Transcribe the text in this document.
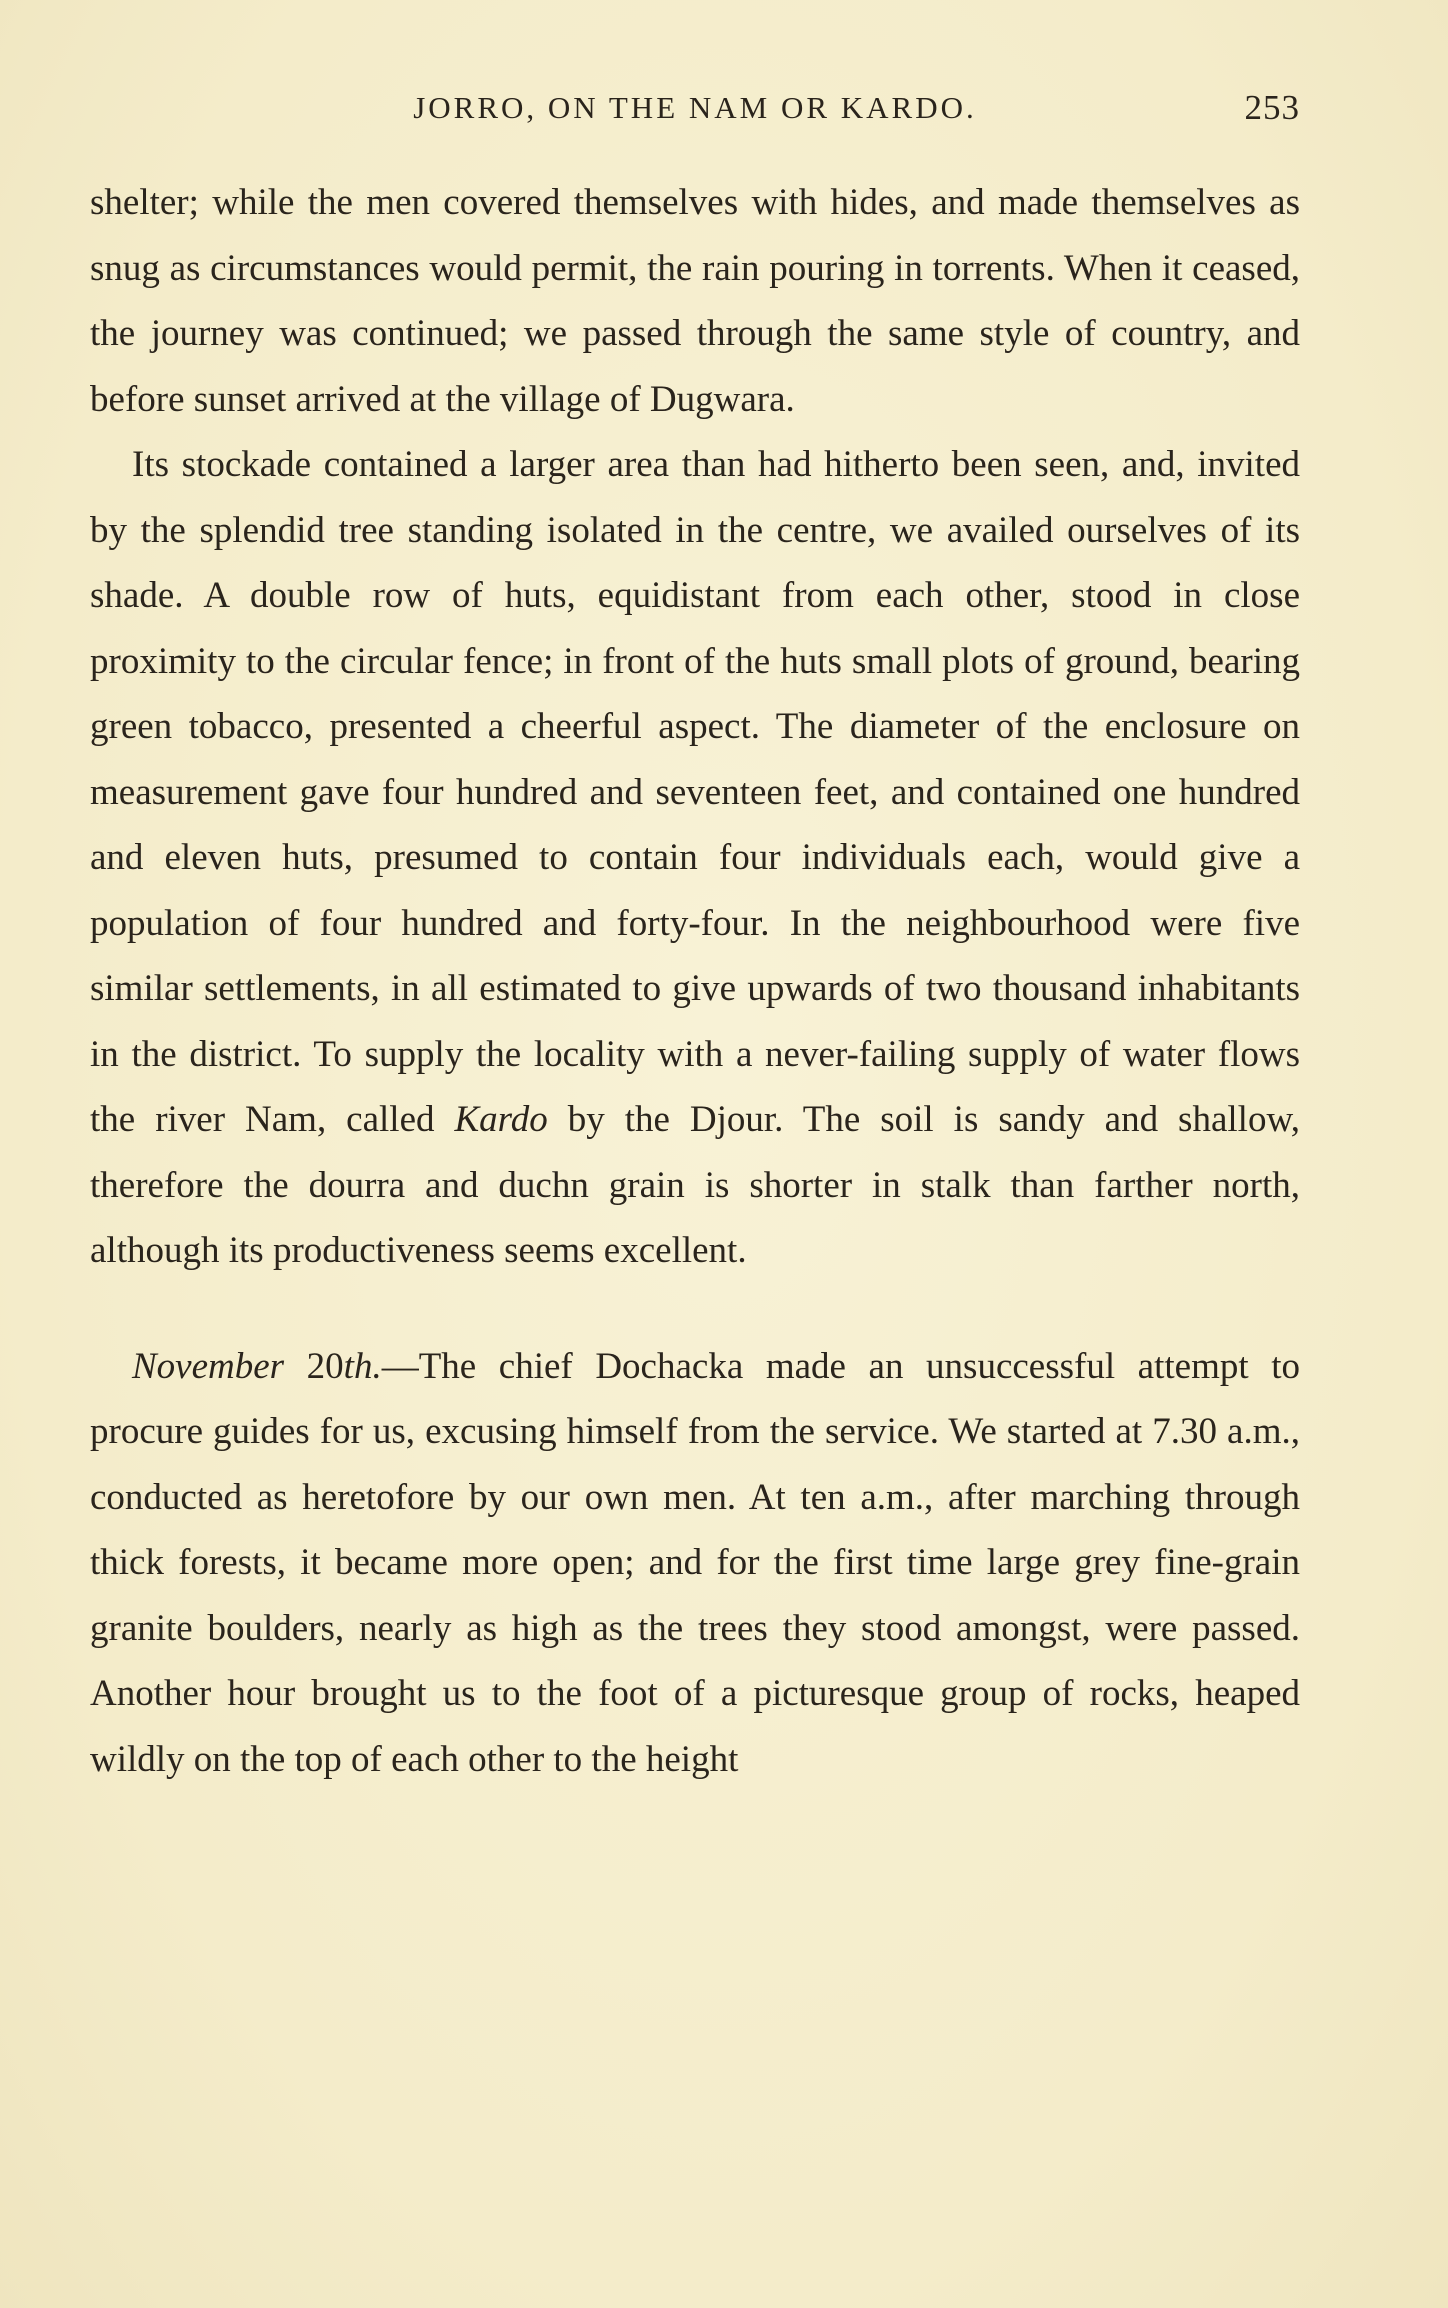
JORRO, ON THE NAM OR KARDO.	253

shelter; while the men covered themselves with hides, and made themselves as snug as circumstances would permit, the rain pouring in torrents. When it ceased, the journey was continued; we passed through the same style of country, and before sunset arrived at the village of Dugwara.

Its stockade contained a larger area than had hitherto been seen, and, invited by the splendid tree standing isolated in the centre, we availed ourselves of its shade. A double row of huts, equidistant from each other, stood in close proximity to the circular fence; in front of the huts small plots of ground, bearing green tobacco, presented a cheerful aspect. The diameter of the enclosure on measurement gave four hundred and seventeen feet, and contained one hundred and eleven huts, presumed to contain four individuals each, would give a population of four hundred and forty-four. In the neighbourhood were five similar settlements, in all estimated to give upwards of two thousand inhabitants in the district. To supply the locality with a never-failing supply of water flows the river Nam, called Kardo by the Djour. The soil is sandy and shallow, therefore the dourra and duchn grain is shorter in stalk than farther north, although its productiveness seems excellent.

November 20th.—The chief Dochacka made an unsuccessful attempt to procure guides for us, excusing himself from the service. We started at 7.30 a.m., conducted as heretofore by our own men. At ten a.m., after marching through thick forests, it became more open; and for the first time large grey fine-grain granite boulders, nearly as high as the trees they stood amongst, were passed. Another hour brought us to the foot of a picturesque group of rocks, heaped wildly on the top of each other to the height
